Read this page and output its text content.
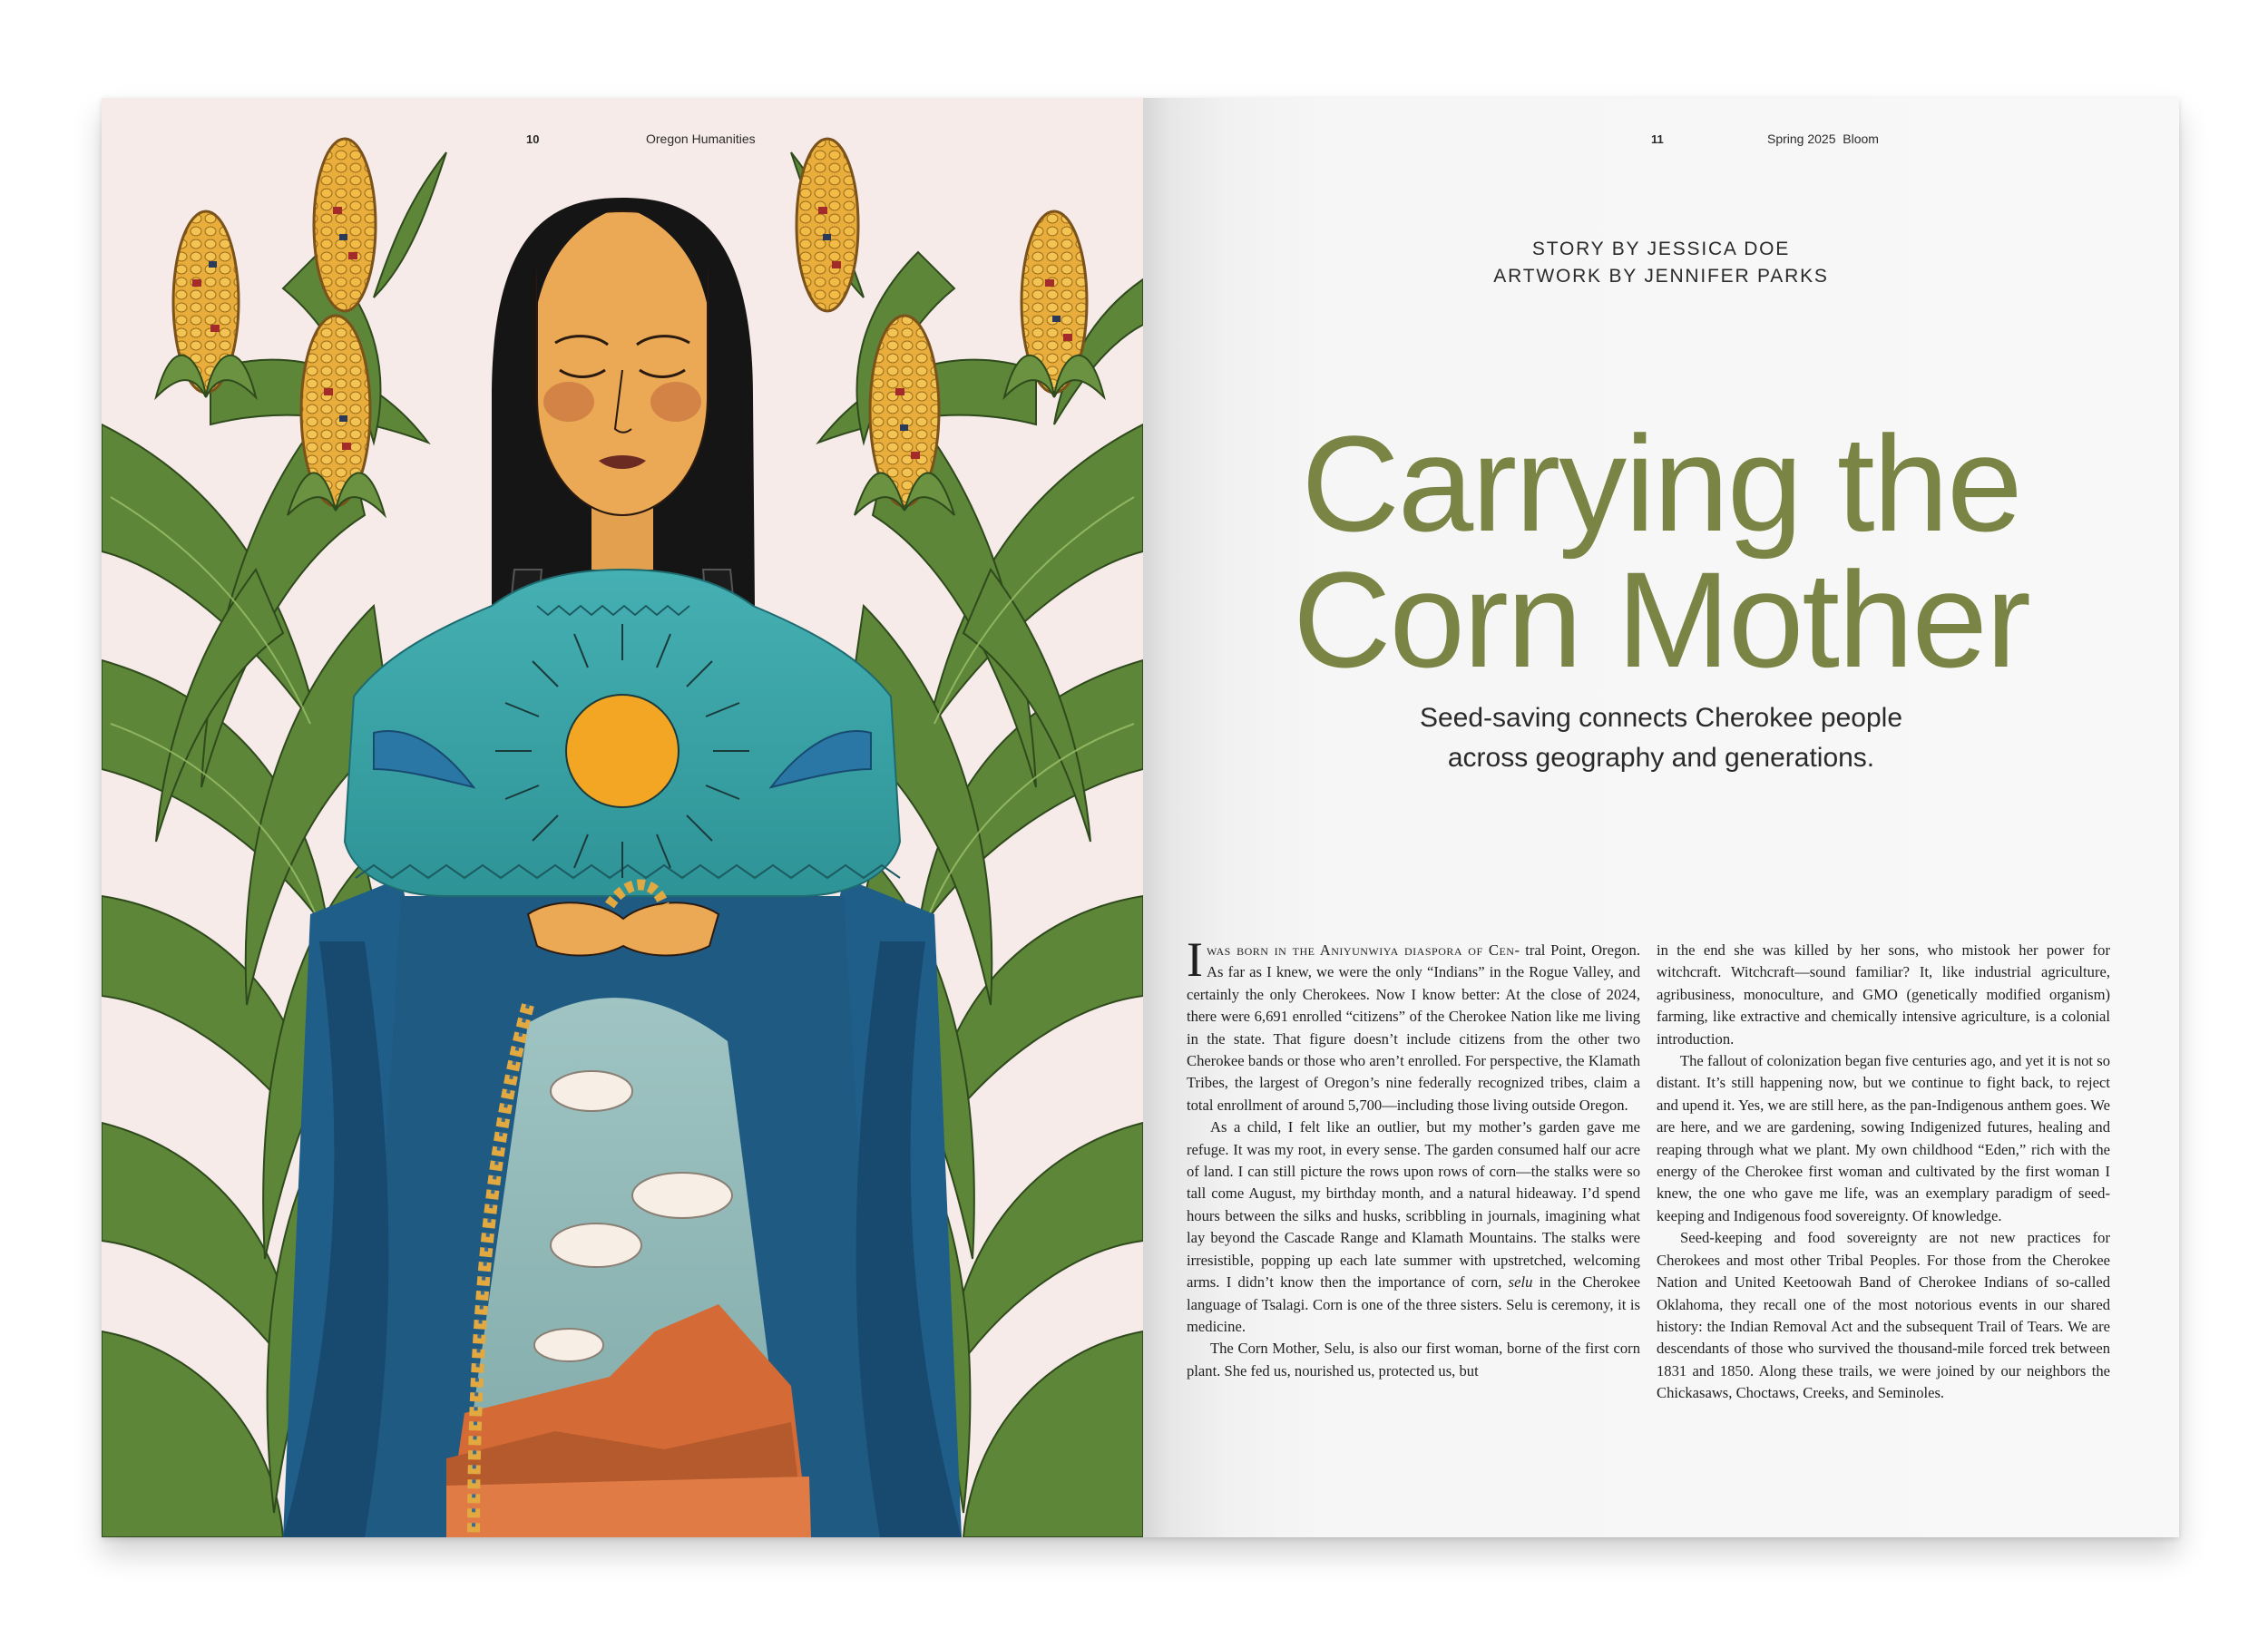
10	Oregon Humanities	11	Spring 2025  Bloom
STORY BY JESSICA DOE
ARTWORK BY JENNIFER PARKS
Carrying the
Corn Mother
Seed-saving connects Cherokee people
across geography and generations.

Iwas born in the Aniyunwiya diaspora of Cen- tral Point, Oregon. As far as I knew, we were the only “Indians” in the Rogue Valley, and certainly the only Cherokees. Now I know better: At the close of 2024, there were 6,691 enrolled “citizens” of the Cherokee Nation like me living in the state. That figure doesn’t include citizens from the other two Cherokee bands or those who aren’t enrolled. For perspective, the Klamath Tribes, the largest of Oregon’s nine federally recognized tribes, claim a total enrollment of around 5,700—including those living outside Oregon.

As a child, I felt like an outlier, but my mother’s garden gave me refuge. It was my root, in every sense. The garden consumed half our acre of land. I can still picture the rows upon rows of corn—the stalks were so tall come August, my birthday month, and a natural hideaway. I’d spend hours between the silks and husks, scribbling in journals, imagining what lay beyond the Cascade Range and Klamath Mountains. The stalks were irresistible, popping up each late summer with upstretched, welcoming arms. I didn’t know then the importance of corn, selu in the Cherokee language of Tsalagi. Corn is one of the three sisters. Selu is ceremony, it is medicine.

The Corn Mother, Selu, is also our first woman, borne of the first corn plant. She fed us, nourished us, protected us, but

in the end she was killed by her sons, who mistook her power for witchcraft. Witchcraft—sound familiar? It, like industrial agriculture, agribusiness, monoculture, and GMO (genetically modified organism) farming, like extractive and chemically intensive agriculture, is a colonial introduction.

The fallout of colonization began five centuries ago, and yet it is not so distant. It’s still happening now, but we continue to fight back, to reject and upend it. Yes, we are still here, as the pan-Indigenous anthem goes. We are here, and we are gardening, sowing Indigenized futures, healing and reaping through what we plant. My own childhood “Eden,” rich with the energy of the Cherokee first woman and cultivated by the first woman I knew, the one who gave me life, was an exemplary paradigm of seed-keeping and Indigenous food sovereignty. Of knowledge.

Seed-keeping and food sovereignty are not new practices for Cherokees and most other Tribal Peoples. For those from the Cherokee Nation and United Keetoowah Band of Cherokee Indians of so-called Oklahoma, they recall one of the most notorious events in our shared history: the Indian Removal Act and the subsequent Trail of Tears. We are descendants of those who survived the thousand-mile forced trek between 1831 and 1850. Along these trails, we were joined by our neighbors the Chickasaws, Choctaws, Creeks, and Seminoles.
